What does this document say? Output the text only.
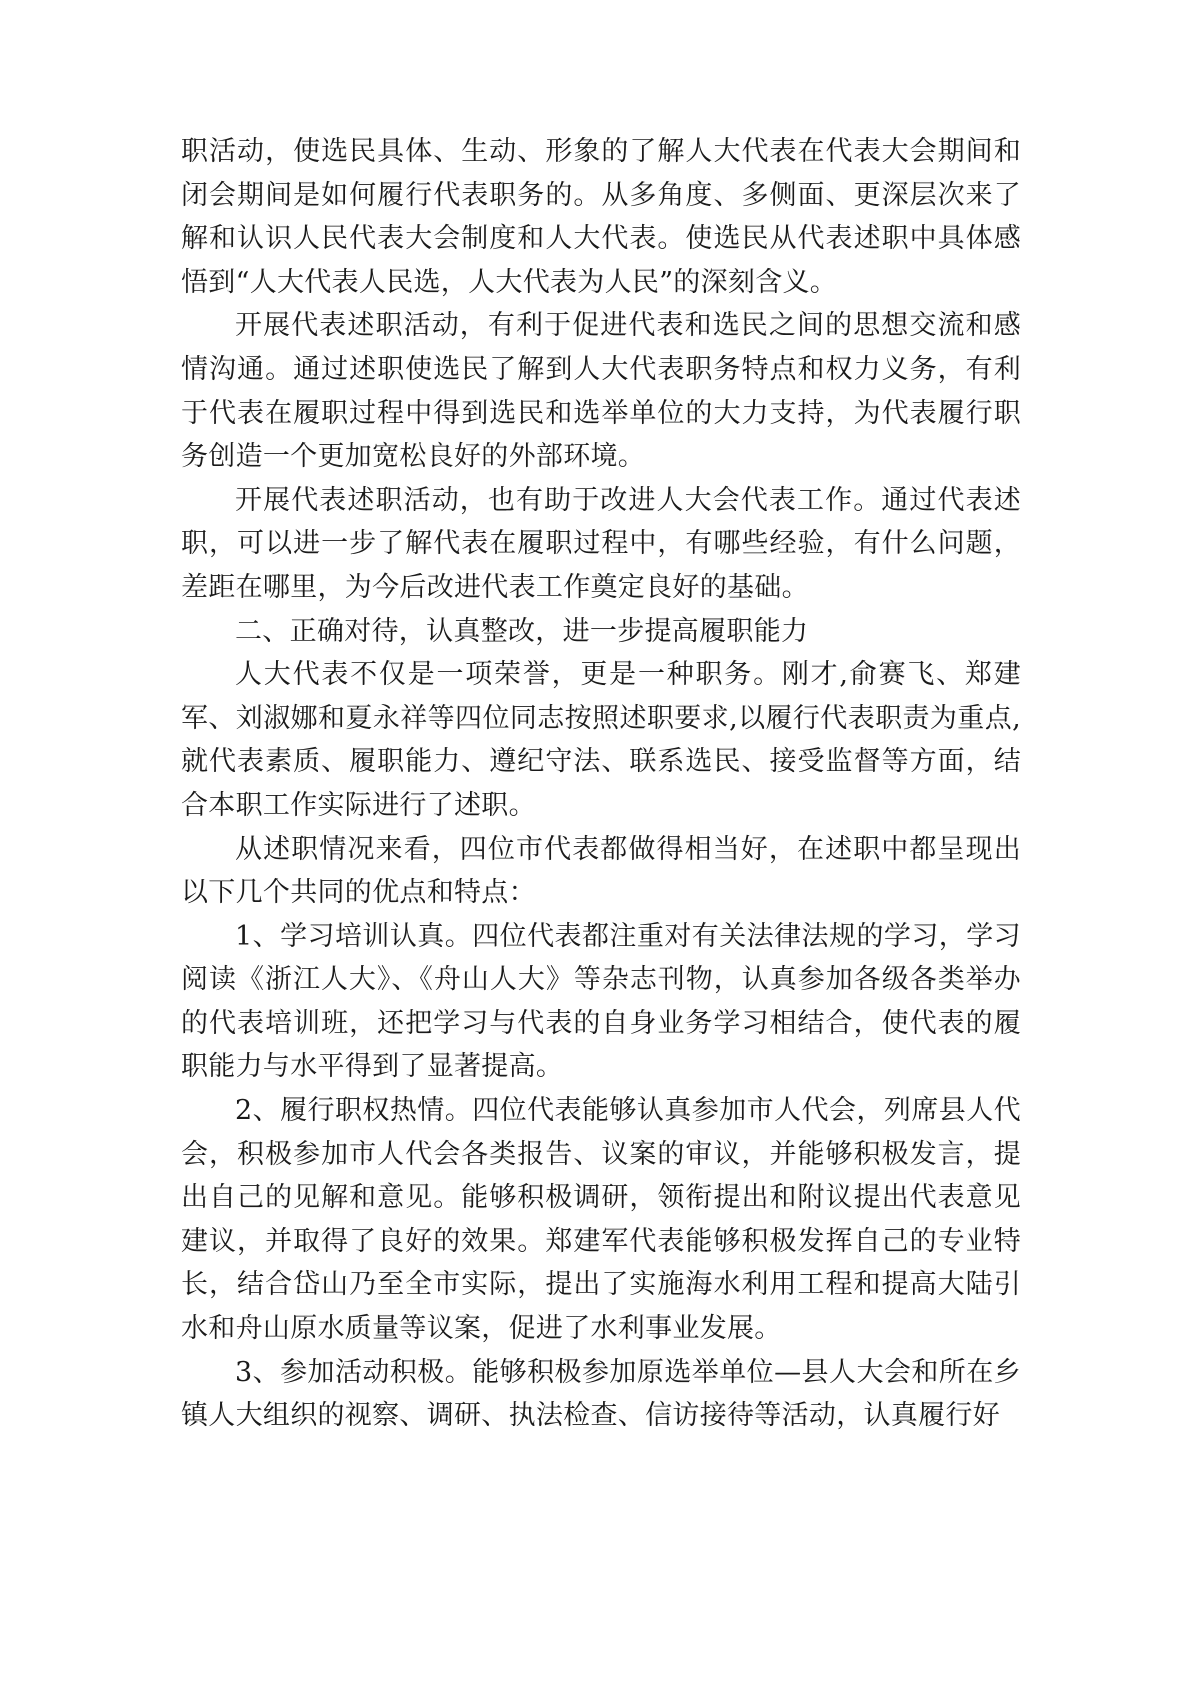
职活动，使选民具体、生动、形象的了解人大代表在代表大会期间和闭会期间是如何履行代表职务的。从多角度、多侧面、更深层次来了解和认识人民代表大会制度和人大代表。使选民从代表述职中具体感悟到“人大代表人民选，人大代表为人民”的深刻含义。

开展代表述职活动，有利于促进代表和选民之间的思想交流和感情沟通。通过述职使选民了解到人大代表职务特点和权力义务，有利于代表在履职过程中得到选民和选举单位的大力支持，为代表履行职务创造一个更加宽松良好的外部环境。

开展代表述职活动，也有助于改进人大会代表工作。通过代表述职，可以进一步了解代表在履职过程中，有哪些经验，有什么问题，差距在哪里，为今后改进代表工作奠定良好的基础。

二、正确对待，认真整改，进一步提高履职能力

人大代表不仅是一项荣誉，更是一种职务。刚才,俞赛飞、郑建军、刘淑娜和夏永祥等四位同志按照述职要求,以履行代表职责为重点,就代表素质、履职能力、遵纪守法、联系选民、接受监督等方面，结合本职工作实际进行了述职。

从述职情况来看，四位市代表都做得相当好，在述职中都呈现出以下几个共同的优点和特点：

1、学习培训认真。四位代表都注重对有关法律法规的学习，学习阅读《浙江人大》、《舟山人大》等杂志刊物，认真参加各级各类举办的代表培训班，还把学习与代表的自身业务学习相结合，使代表的履职能力与水平得到了显著提高。

2、履行职权热情。四位代表能够认真参加市人代会，列席县人代会，积极参加市人代会各类报告、议案的审议，并能够积极发言，提出自己的见解和意见。能够积极调研，领衔提出和附议提出代表意见建议，并取得了良好的效果。郑建军代表能够积极发挥自己的专业特长，结合岱山乃至全市实际，提出了实施海水利用工程和提高大陆引水和舟山原水质量等议案，促进了水利事业发展。

3、参加活动积极。能够积极参加原选举单位—县人大会和所在乡镇人大组织的视察、调研、执法检查、信访接待等活动，认真履行好
